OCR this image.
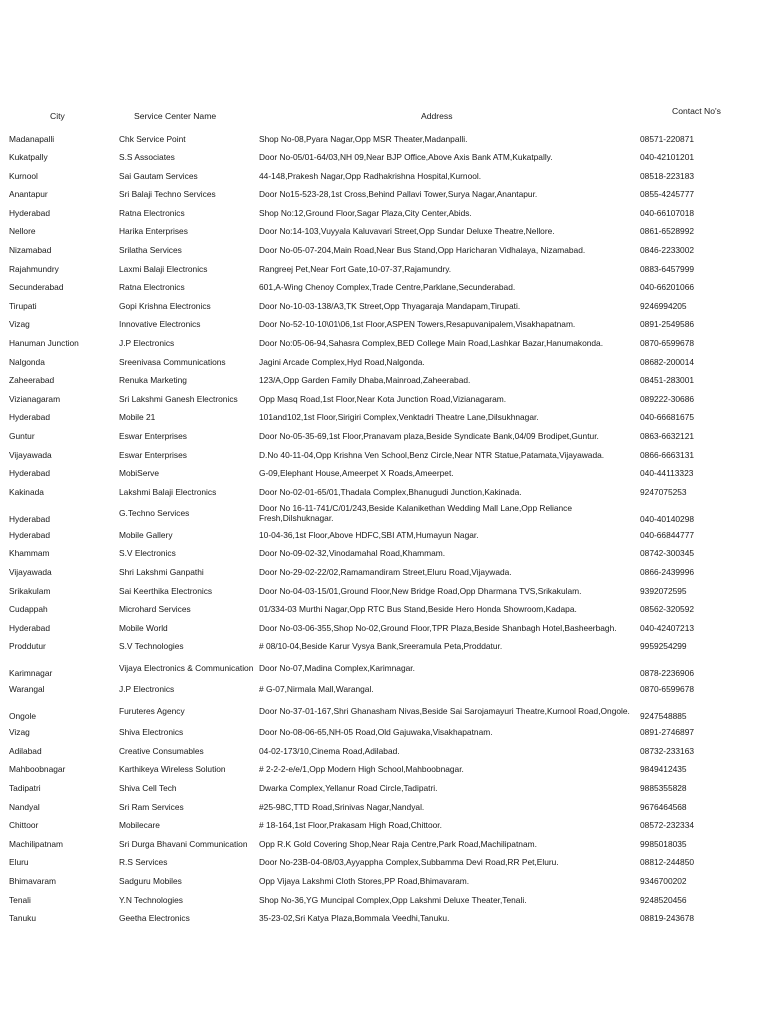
City	Service Center Name	Address	Contact No's
Madanapalli	Chk Service Point	Shop No-08,Pyara Nagar,Opp MSR Theater,Madanpalli.	08571-220871
Kukatpally	S.S Associates	Door No-05/01-64/03,NH 09,Near BJP Office,Above Axis Bank ATM,Kukatpally.	040-42101201
Kurnool	Sai Gautam Services	44-148,Prakesh Nagar,Opp Radhakrishna Hospital,Kurnool.	08518-223183
Anantapur	Sri Balaji Techno Services	Door No15-523-28,1st Cross,Behind Pallavi Tower,Surya Nagar,Anantapur.	0855-4245777
Hyderabad	Ratna Electronics	Shop No:12,Ground Floor,Sagar Plaza,City Center,Abids.	040-66107018
Nellore	Harika Enterprises	Door No:14-103,Vuyyala Kaluvavari Street,Opp Sundar Deluxe Theatre,Nellore.	0861-6528992
Nizamabad	Srilatha Services	Door No-05-07-204,Main Road,Near Bus Stand,Opp Haricharan Vidhalaya, Nizamabad.	0846-2233002
Rajahmundry	Laxmi Balaji Electronics	Rangreej Pet,Near Fort Gate,10-07-37,Rajamundry.	0883-6457999
Secunderabad	Ratna Electronics	601,A-Wing Chenoy Complex,Trade Centre,Parklane,Secunderabad.	040-66201066
Tirupati	Gopi Krishna Electronics	Door No-10-03-138/A3,TK Street,Opp Thyagaraja Mandapam,Tirupati.	9246994205
Vizag	Innovative Electronics	Door No-52-10-10\01\06,1st Floor,ASPEN Towers,Resapuvanipalem,Visakhapatnam.	0891-2549586
Hanuman Junction	J.P Electronics	Door No:05-06-94,Sahasra Complex,BED College Main Road,Lashkar Bazar,Hanumakonda.	0870-6599678
Nalgonda	Sreenivasa Communications	Jagini Arcade Complex,Hyd Road,Nalgonda.	08682-200014
Zaheerabad	Renuka Marketing	123/A,Opp Garden Family Dhaba,Mainroad,Zaheerabad.	08451-283001
Vizianagaram	Sri Lakshmi Ganesh Electronics	Opp Masq Road,1st Floor,Near Kota Junction Road,Vizianagaram.	089222-30686
Hyderabad	Mobile 21	101and102,1st Floor,Sirigiri Complex,Venktadri Theatre Lane,Dilsukhnagar.	040-66681675
Guntur	Eswar Enterprises	Door No-05-35-69,1st Floor,Pranavam plaza,Beside Syndicate Bank,04/09 Brodipet,Guntur.	0863-6632121
Vijayawada	Eswar Enterprises	D.No 40-11-04,Opp Krishna Ven School,Benz Circle,Near NTR Statue,Patamata,Vijayawada.	0866-6663131
Hyderabad	MobiServe	G-09,Elephant House,Ameerpet X Roads,Ameerpet.	040-44113323
Kakinada	Lakshmi Balaji Electronics	Door No-02-01-65/01,Thadala Complex,Bhanugudi Junction,Kakinada.	9247075253
Hyderabad	G.Techno Services	Door No 16-11-741/C/01/243,Beside Kalanikethan Wedding Mall Lane,Opp Reliance Fresh,Dilshuknagar.	040-40140298
Hyderabad	Mobile Gallery	10-04-36,1st Floor,Above HDFC,SBI ATM,Humayun Nagar.	040-66844777
Khammam	S.V Electronics	Door No-09-02-32,Vinodamahal Road,Khammam.	08742-300345
Vijayawada	Shri Lakshmi Ganpathi	Door No-29-02-22/02,Ramamandiram Street,Eluru Road,Vijaywada.	0866-2439996
Srikakulam	Sai Keerthika Electronics	Door No-04-03-15/01,Ground Floor,New Bridge Road,Opp Dharmana TVS,Srikakulam.	9392072595
Cudappah	Microhard Services	01/334-03 Murthi Nagar,Opp RTC Bus Stand,Beside Hero Honda Showroom,Kadapa.	08562-320592
Hyderabad	Mobile World	Door No-03-06-355,Shop No-02,Ground Floor,TPR Plaza,Beside Shanbagh Hotel,Basheerbagh.	040-42407213
Proddutur	S.V Technologies	# 08/10-04,Beside Karur Vysya Bank,Sreeramula Peta,Proddatur.	9959254299
Karimnagar	Vijaya Electronics & Communication	Door No-07,Madina Complex,Karimnagar.	0878-2236906
Warangal	J.P Electronics	# G-07,Nirmala Mall,Warangal.	0870-6599678
Ongole	Furuteres Agency	Door No-37-01-167,Shri Ghanasham Nivas,Beside Sai Sarojamayuri Theatre,Kurnool Road,Ongole.	9247548885
Vizag	Shiva Electronics	Door No-08-06-65,NH-05 Road,Old Gajuwaka,Visakhapatnam.	0891-2746897
Adilabad	Creative Consumables	04-02-173/10,Cinema Road,Adilabad.	08732-233163
Mahboobnagar	Karthikeya Wireless Solution	# 2-2-2-e/e/1,Opp Modern High School,Mahboobnagar.	9849412435
Tadipatri	Shiva Cell Tech	Dwarka Complex,Yellanur Road Circle,Tadipatri.	9885355828
Nandyal	Sri Ram Services	#25-98C,TTD Road,Srinivas Nagar,Nandyal.	9676464568
Chittoor	Mobilecare	# 18-164,1st Floor,Prakasam High Road,Chittoor.	08572-232334
Machilipatnam	Sri Durga Bhavani Communication	Opp R.K Gold Covering Shop,Near Raja Centre,Park Road,Machilipatnam.	9985018035
Eluru	R.S Services	Door No-23B-04-08/03,Ayyappha Complex,Subbamma Devi Road,RR Pet,Eluru.	08812-244850
Bhimavaram	Sadguru Mobiles	Opp Vijaya Lakshmi Cloth Stores,PP Road,Bhimavaram.	9346700202
Tenali	Y.N Technologies	Shop No-36,YG Muncipal Complex,Opp Lakshmi Deluxe Theater,Tenali.	9248520456
Tanuku	Geetha Electronics	35-23-02,Sri Katya Plaza,Bommala Veedhi,Tanuku.	08819-243678
